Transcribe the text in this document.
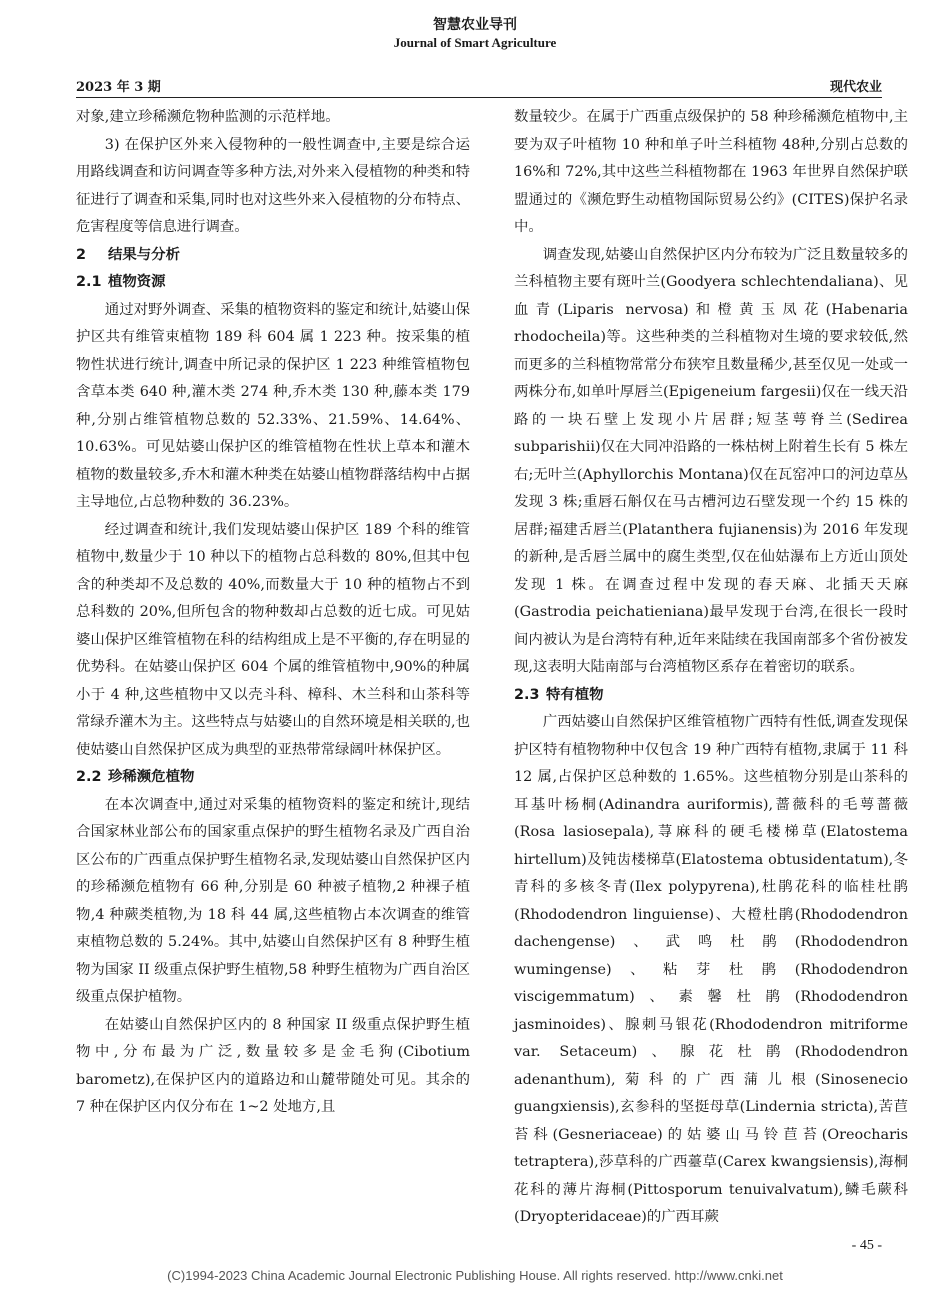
智慧农业导刊
Journal of Smart Agriculture
2023 年 3 期	现代农业

对象,建立珍稀濒危物种监测的示范样地。

3) 在保护区外来入侵物种的一般性调查中,主要是综合运用路线调查和访问调查等多种方法,对外来入侵植物的种类和特征进行了调查和采集,同时也对这些外来入侵植物的分布特点、危害程度等信息进行调查。

2 结果与分析
2.1 植物资源

通过对野外调查、采集的植物资料的鉴定和统计,姑婆山保护区共有维管束植物 189 科 604 属 1 223 种。按采集的植物性状进行统计,调查中所记录的保护区 1 223 种维管植物包含草本类 640 种,灌木类 274 种,乔木类 130 种,藤本类 179 种,分别占维管植物总数的 52.33%、21.59%、14.64%、10.63%。可见姑婆山保护区的维管植物在性状上草本和灌木植物的数量较多,乔木和灌木种类在姑婆山植物群落结构中占据主导地位,占总物种数的 36.23%。

经过调查和统计,我们发现姑婆山保护区 189 个科的维管植物中,数量少于 10 种以下的植物占总科数的 80%,但其中包含的种类却不及总数的 40%,而数量大于 10 种的植物占不到总科数的 20%,但所包含的物种数却占总数的近七成。可见姑婆山保护区维管植物在科的结构组成上是不平衡的,存在明显的优势科。在姑婆山保护区 604 个属的维管植物中,90%的种属小于 4 种,这些植物中又以壳斗科、樟科、木兰科和山茶科等常绿乔灌木为主。这些特点与姑婆山的自然环境是相关联的,也使姑婆山自然保护区成为典型的亚热带常绿阔叶林保护区。

2.2 珍稀濒危植物

在本次调查中,通过对采集的植物资料的鉴定和统计,现结合国家林业部公布的国家重点保护的野生植物名录及广西自治区公布的广西重点保护野生植物名录,发现姑婆山自然保护区内的珍稀濒危植物有 66 种,分别是 60 种被子植物,2 种裸子植物,4 种蕨类植物,为 18 科 44 属,这些植物占本次调查的维管束植物总数的 5.24%。其中,姑婆山自然保护区有 8 种野生植物为国家 II 级重点保护野生植物,58 种野生植物为广西自治区级重点保护植物。

在姑婆山自然保护区内的 8 种国家 II 级重点保护野生植物中,分布最为广泛,数量较多是金毛狗(Cibotium barometz),在保护区内的道路边和山麓带随处可见。其余的 7 种在保护区内仅分布在 1~2 处地方,且

数量较少。在属于广西重点级保护的 58 种珍稀濒危植物中,主要为双子叶植物 10 种和单子叶兰科植物 48种,分别占总数的 16%和 72%,其中这些兰科植物都在 1963 年世界自然保护联盟通过的《濒危野生动植物国际贸易公约》(CITES)保护名录中。

调查发现,姑婆山自然保护区内分布较为广泛且数量较多的兰科植物主要有斑叶兰(Goodyera schlechtendaliana)、见血青(Liparis nervosa)和橙黄玉凤花(Habenaria rhodocheila)等。这些种类的兰科植物对生境的要求较低,然而更多的兰科植物常常分布狭窄且数量稀少,甚至仅见一处或一两株分布,如单叶厚唇兰(Epigeneium fargesii)仅在一线天沿路的一块石壁上发现小片居群;短茎萼脊兰(Sedirea subparishii)仅在大同冲沿路的一株枯树上附着生长有 5 株左右;无叶兰(Aphyllorchis Montana)仅在瓦窑冲口的河边草丛发现 3 株;重唇石斛仅在马古槽河边石壁发现一个约 15 株的居群;福建舌唇兰(Platanthera fujianensis)为 2016 年发现的新种,是舌唇兰属中的腐生类型,仅在仙姑瀑布上方近山顶处发现 1 株。在调查过程中发现的春天麻、北插天天麻(Gastrodia peichatieniana)最早发现于台湾,在很长一段时间内被认为是台湾特有种,近年来陆续在我国南部多个省份被发现,这表明大陆南部与台湾植物区系存在着密切的联系。

2.3 特有植物

广西姑婆山自然保护区维管植物广西特有性低,调查发现保护区特有植物物种中仅包含 19 种广西特有植物,隶属于 11 科 12 属,占保护区总种数的 1.65%。这些植物分别是山茶科的耳基叶杨桐(Adinandra auriformis),蔷薇科的毛萼蔷薇(Rosa lasiosepala),荨麻科的硬毛楼梯草(Elatostema hirtellum)及钝齿楼梯草(Elatostema obtusidentatum),冬青科的多核冬青(Ilex polypyrena),杜鹃花科的临桂杜鹃(Rhododendron linguiense)、大橙杜鹃(Rhododendron dachengense)、武鸣杜鹃(Rhododendron wumingense)、粘芽杜鹃(Rhododendron viscigemmatum)、素馨杜鹃(Rhododendron jasminoides)、腺刺马银花(Rhododendron mitriforme var. Setaceum)、腺花杜鹃(Rhododendron adenanthum),菊科的广西蒲儿根(Sinosenecio guangxiensis),玄参科的坚挺母草(Lindernia stricta),苦苣苔科(Gesneriaceae)的姑婆山马铃苣苔(Oreocharis tetraptera),莎草科的广西薹草(Carex kwangsiensis),海桐花科的薄片海桐(Pittosporum tenuivalvatum),鳞毛蕨科(Dryopteridaceae)的广西耳蕨

- 45 -
(C)1994-2023 China Academic Journal Electronic Publishing House. All rights reserved. http://www.cnki.net
